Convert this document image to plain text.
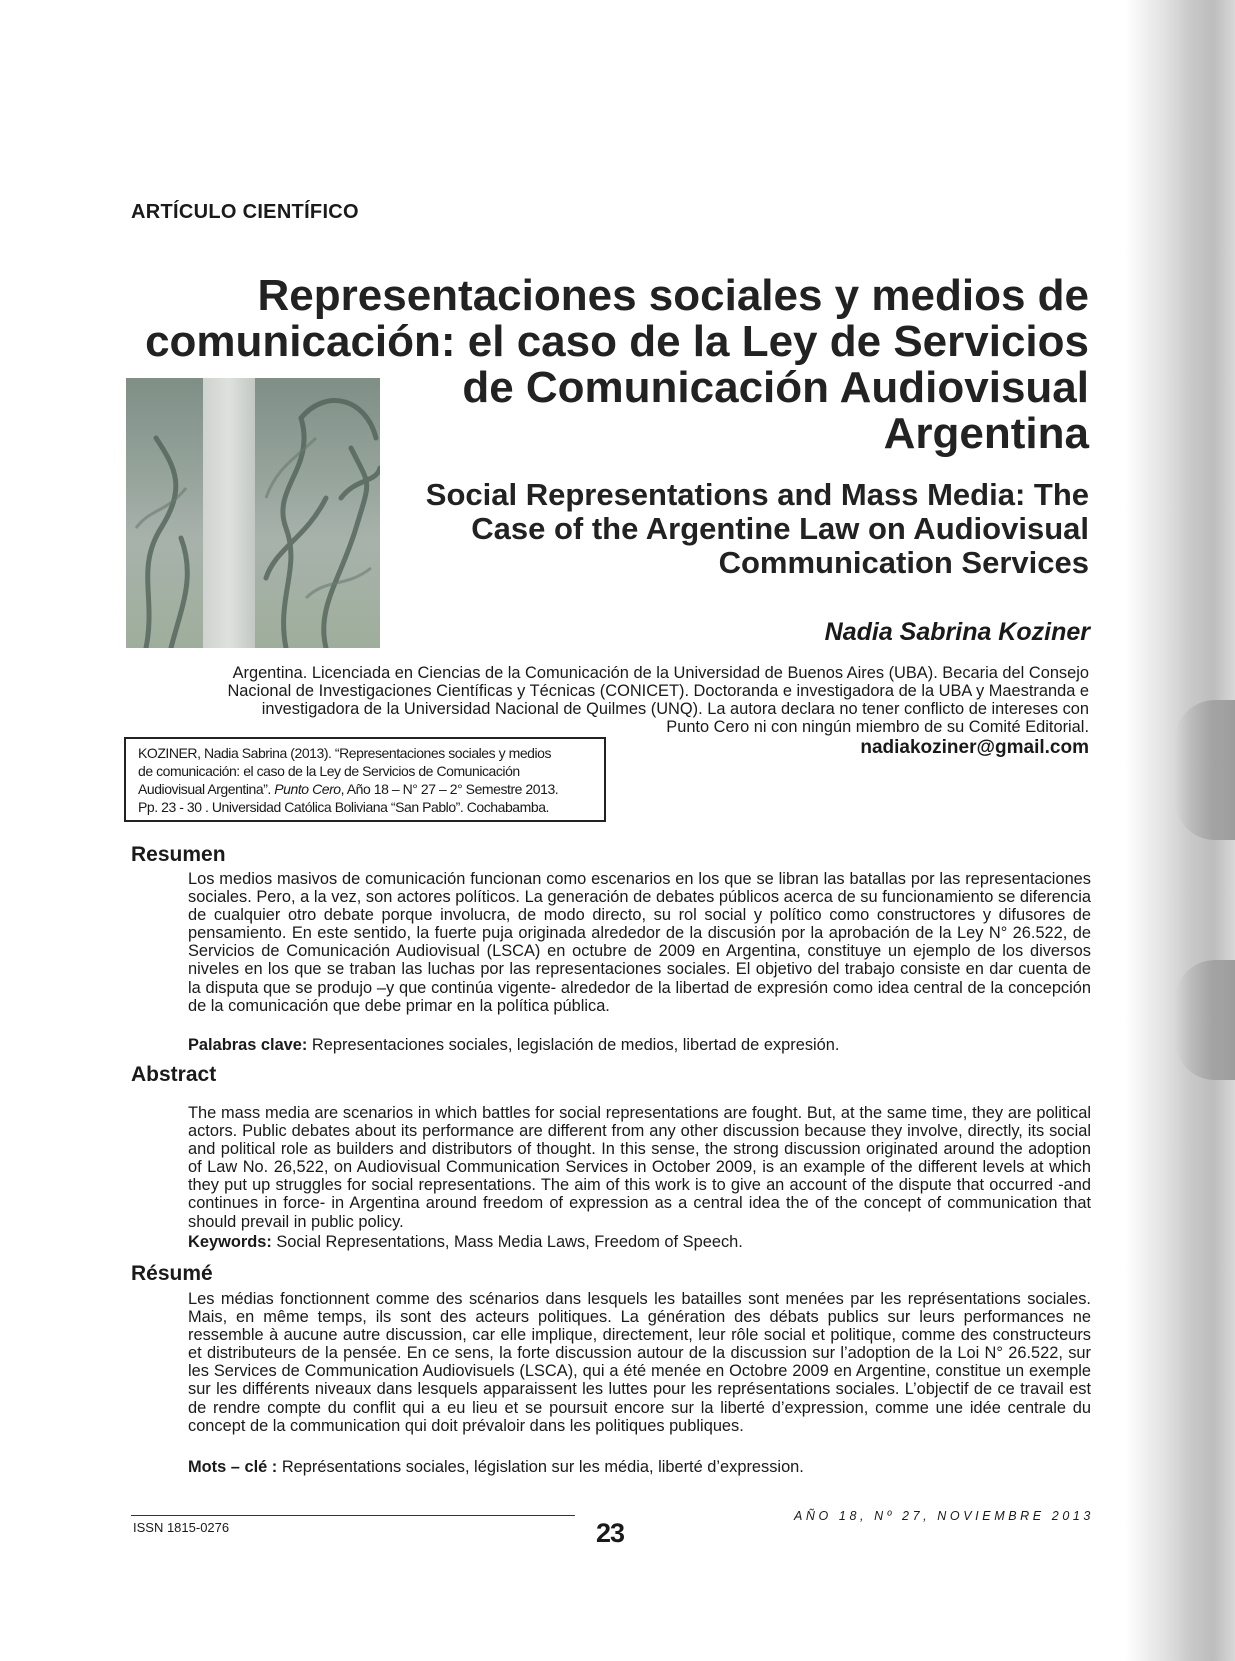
ARTÍCULO CIENTÍFICO
Representaciones sociales y medios de
comunicación: el caso de la Ley de Servicios
de Comunicación Audiovisual
Argentina
Social Representations and Mass Media: The
Case of the Argentine Law on Audiovisual
Communication Services
Nadia Sabrina Koziner
Argentina. Licenciada en Ciencias de la Comunicación de la Universidad de Buenos Aires (UBA). Becaria del Consejo
Nacional de Investigaciones Científicas y Técnicas (CONICET). Doctoranda e investigadora de la UBA y Maestranda e
investigadora de la Universidad Nacional de Quilmes (UNQ). La autora declara no tener conflicto de intereses con
Punto Cero ni con ningún miembro de su Comité Editorial.
nadiakoziner@gmail.com
KOZINER, Nadia Sabrina (2013). “Representaciones sociales y medios
de comunicación: el caso de la Ley de Servicios de Comunicación
Audiovisual Argentina”. Punto Cero, Año 18 – N° 27 – 2° Semestre 2013.
Pp. 23 - 30 . Universidad Católica Boliviana “San Pablo”. Cochabamba.
Resumen
Los medios masivos de comunicación funcionan como escenarios en los que se libran las batallas por las representaciones sociales. Pero, a la vez, son actores políticos. La generación de debates públicos acerca de su funcionamiento se diferencia de cualquier otro debate porque involucra, de modo directo, su rol social y político como constructores y difusores de pensamiento. En este sentido, la fuerte puja originada alrededor de la discusión por la aprobación de la Ley N° 26.522, de Servicios de Comunicación Audiovisual (LSCA) en octubre de 2009 en Argentina, constituye un ejemplo de los diversos niveles en los que se traban las luchas por las representaciones sociales. El objetivo del trabajo consiste en dar cuenta de la disputa que se produjo –y que continúa vigente- alrededor de la libertad de expresión como idea central de la concepción de la comunicación que debe primar en la política pública.
Palabras clave: Representaciones sociales, legislación de medios, libertad de expresión.
Abstract
The mass media are scenarios in which battles for social representations are fought. But, at the same time, they are political actors. Public debates about its performance are different from any other discussion because they involve, directly, its social and political role as builders and distributors of thought. In this sense, the strong discussion originated around the adoption of Law No. 26,522, on Audiovisual Communication Services in October 2009, is an example of the different levels at which they put up struggles for social representations. The aim of this work is to give an account of the dispute that occurred -and continues in force- in Argentina around freedom of expression as a central idea the of the concept of communication that should prevail in public policy.
Keywords: Social Representations, Mass Media Laws, Freedom of Speech.
Résumé
Les médias fonctionnent comme des scénarios dans lesquels les batailles sont menées par les représentations sociales. Mais, en même temps, ils sont des acteurs politiques. La génération des débats publics sur leurs performances ne ressemble à aucune autre discussion, car elle implique, directement, leur rôle social et politique, comme des constructeurs et distributeurs de la pensée. En ce sens, la forte discussion autour de la discussion sur l’adoption de la Loi N° 26.522, sur les Services de Communication Audiovisuels (LSCA), qui a été menée en Octobre 2009 en Argentine, constitue un exemple sur les différents niveaux dans lesquels apparaissent les luttes pour les représentations sociales. L’objectif de ce travail est de rendre compte du conflit qui a eu lieu et se poursuit encore sur la liberté d’expression, comme une idée centrale du concept de la communication qui doit prévaloir dans les politiques publiques.
Mots – clé : Représentations sociales, législation sur les média, liberté d’expression.
ISSN 1815-0276	23
AÑO 18, Nº 27, NOVIEMBRE 2013
